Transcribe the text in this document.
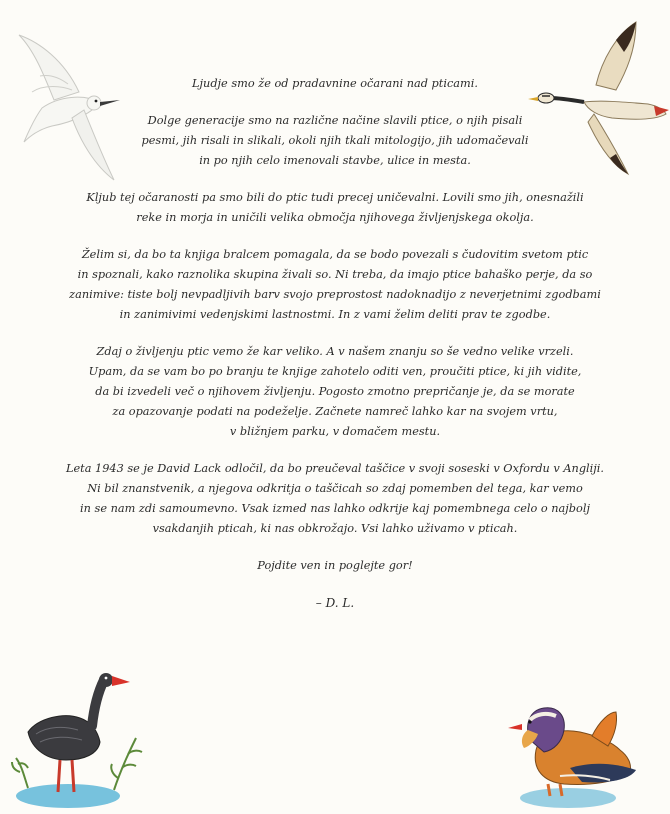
Ljudje smo že od pradavnine očarani nad pticami.

Dolge generacije smo na različne načine slavili ptice, o njih pisali
pesmi, jih risali in slikali, okoli njih tkali mitologijo, jih udomačevali
in po njih celo imenovali stavbe, ulice in mesta.

Kljub tej očaranosti pa smo bili do ptic tudi precej uničevalni. Lovili smo jih, onesnažili
reke in morja in uničili velika območja njihovega življenjskega okolja.

Želim si, da bo ta knjiga bralcem pomagala, da se bodo povezali s čudovitim svetom ptic
in spoznali, kako raznolika skupina živali so. Ni treba, da imajo ptice bahaško perje, da so
zanimive: tiste bolj nevpadljivih barv svojo preprostost nadoknadijo z neverjetnimi zgodbami
in zanimivimi vedenjskimi lastnostmi. In z vami želim deliti prav te zgodbe.

Zdaj o življenju ptic vemo že kar veliko. A v našem znanju so še vedno velike vrzeli.
Upam, da se vam bo po branju te knjige zahotelo oditi ven, proučiti ptice, ki jih vidite,
da bi izvedeli več o njihovem življenju. Pogosto zmotno prepričanje je, da se morate
za opazovanje podati na podeželje. Začnete namreč lahko kar na svojem vrtu,
v bližnjem parku, v domačem mestu.

Leta 1943 se je David Lack odločil, da bo preučeval taščice v svoji soseski v Oxfordu v Angliji.
Ni bil znanstvenik, a njegova odkritja o taščicah so zdaj pomemben del tega, kar vemo
in se nam zdi samoumevno. Vsak izmed nas lahko odkrije kaj pomembnega celo o najbolj
vsakdanjih pticah, ki nas obkrožajo. Vsi lahko uživamo v pticah.

Pojdite ven in poglejte gor!

– D. L.
